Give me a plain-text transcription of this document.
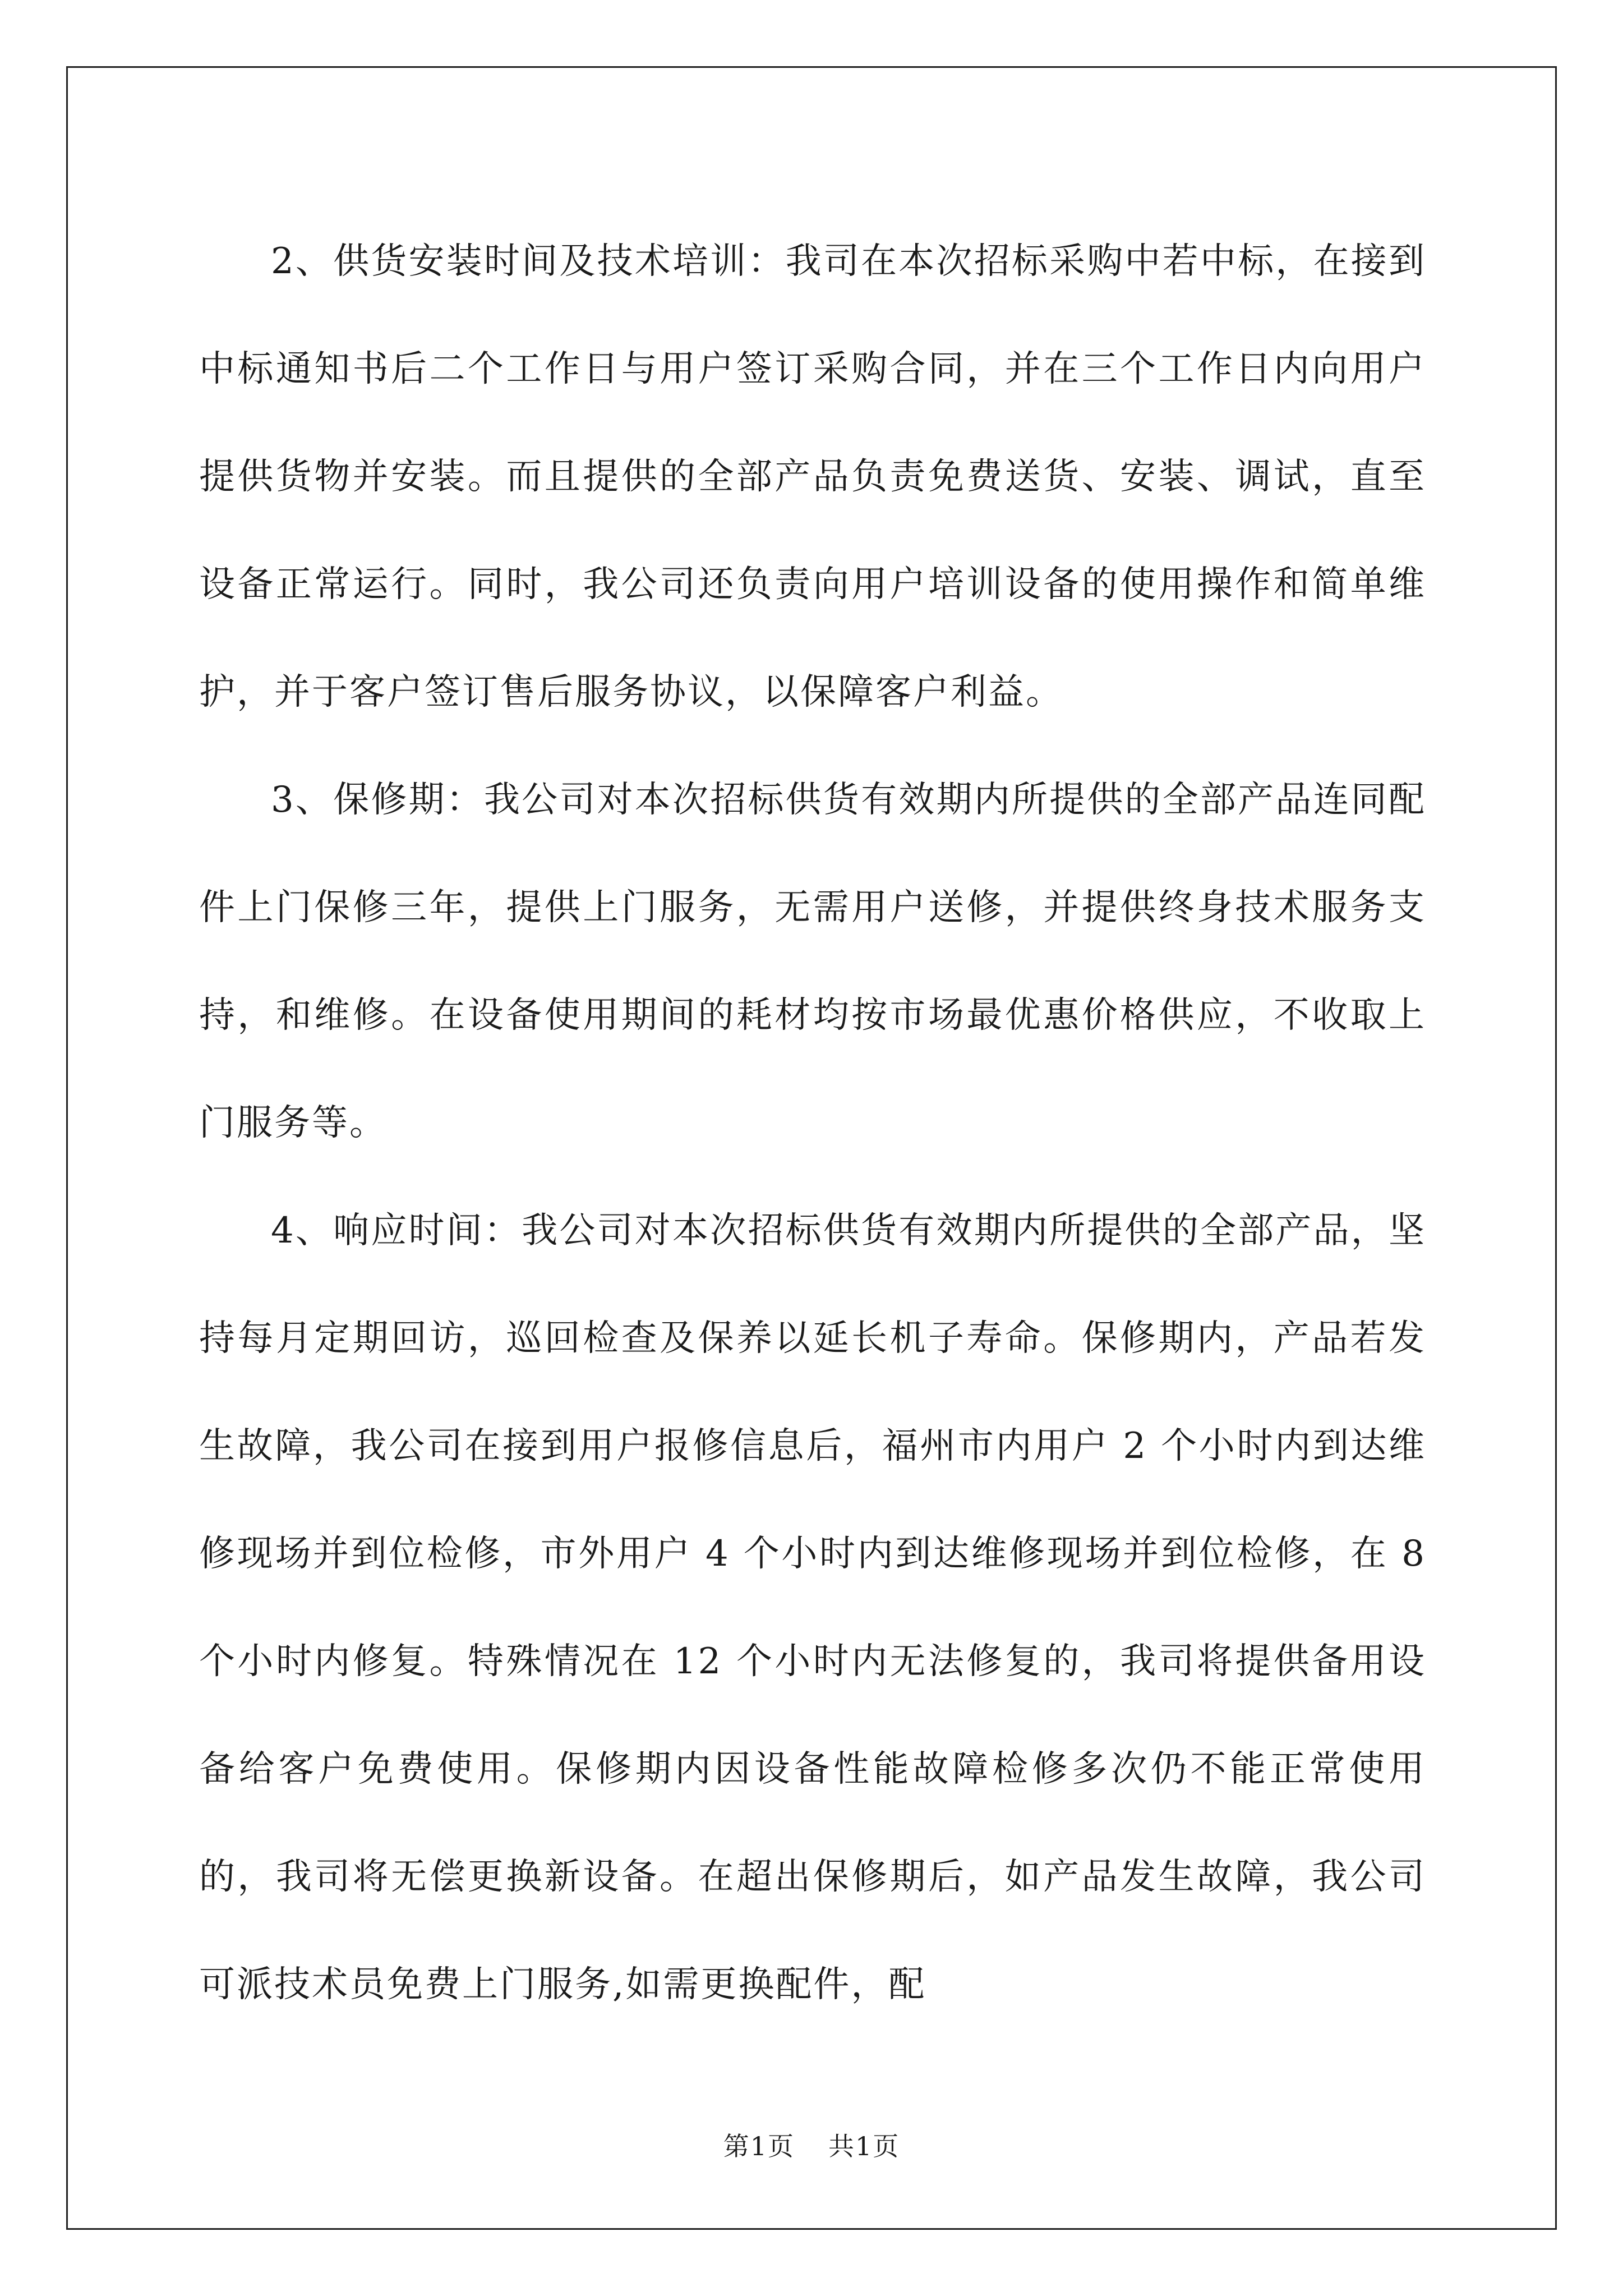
2、供货安装时间及技术培训：我司在本次招标采购中若中标，在接到中标通知书后二个工作日与用户签订采购合同，并在三个工作日内向用户提供货物并安装。而且提供的全部产品负责免费送货、安装、调试，直至设备正常运行。同时，我公司还负责向用户培训设备的使用操作和简单维护，并于客户签订售后服务协议，以保障客户利益。

3、保修期：我公司对本次招标供货有效期内所提供的全部产品连同配件上门保修三年，提供上门服务，无需用户送修，并提供终身技术服务支持，和维修。在设备使用期间的耗材均按市场最优惠价格供应，不收取上门服务等。

4、响应时间：我公司对本次招标供货有效期内所提供的全部产品，坚持每月定期回访，巡回检查及保养以延长机子寿命。保修期内，产品若发生故障，我公司在接到用户报修信息后，福州市内用户 2 个小时内到达维修现场并到位检修，市外用户 4 个小时内到达维修现场并到位检修，在 8 个小时内修复。特殊情况在 12 个小时内无法修复的，我司将提供备用设备给客户免费使用。保修期内因设备性能故障检修多次仍不能正常使用的，我司将无偿更换新设备。在超出保修期后，如产品发生故障，我公司可派技术员免费上门服务,如需更换配件，配

第1页 共1页
